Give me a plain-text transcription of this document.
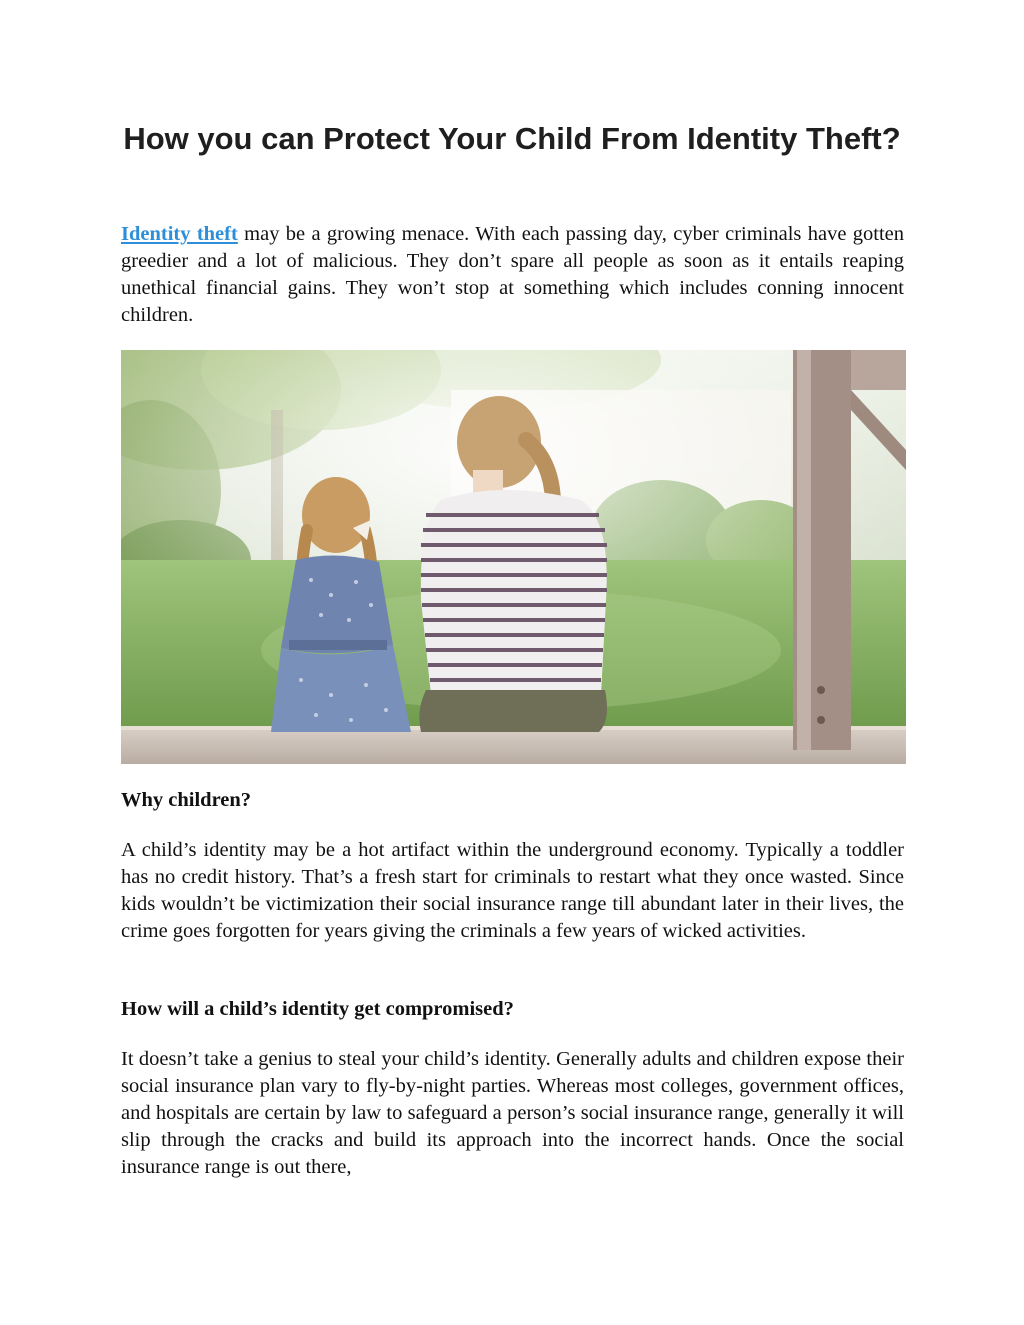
How you can Protect Your Child From Identity Theft?

Identity theft may be a growing menace. With each passing day, cyber criminals have gotten greedier and a lot of malicious. They don’t spare all people as soon as it entails reaping unethical financial gains. They won’t stop at something which includes conning innocent children.

Why children?

A child’s identity may be a hot artifact within the underground economy. Typically a toddler has no credit history. That’s a fresh start for criminals to restart what they once wasted. Since kids wouldn’t be victimization their social insurance range till abundant later in their lives, the crime goes forgotten for years giving the criminals a few years of wicked activities.

How will a child’s identity get compromised?

It doesn’t take a genius to steal your child’s identity. Generally adults and children expose their social insurance plan vary to fly-by-night parties. Whereas most colleges, government offices, and hospitals are certain by law to safeguard a person’s social insurance range, generally it will slip through the cracks and build its approach into the incorrect hands. Once the social insurance range is out there,
